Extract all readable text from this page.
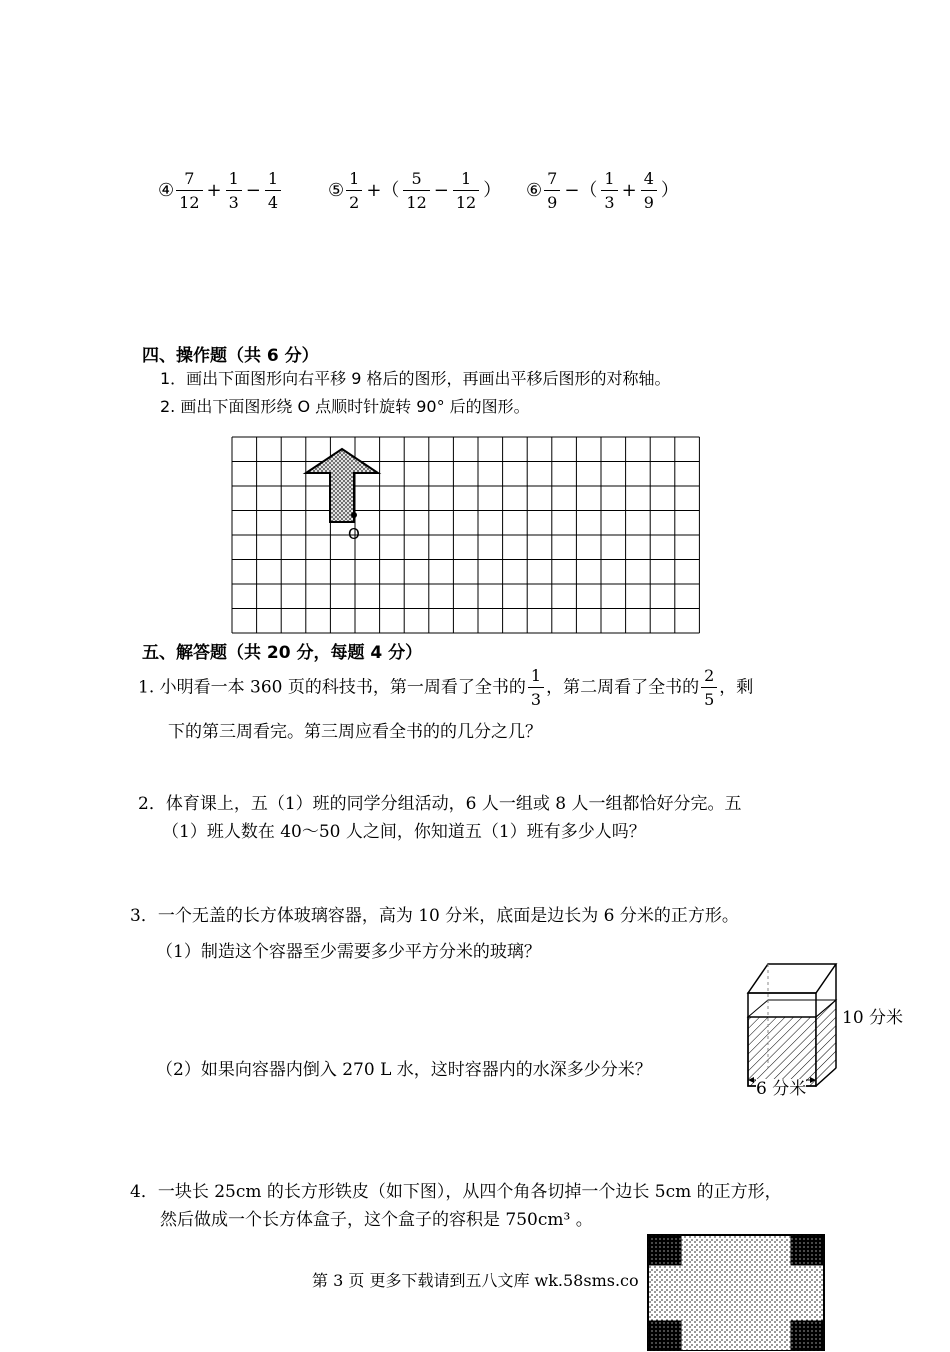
④ $\frac{7}{12} + \frac{1}{3} - \frac{1}{4}$	⑤ $\frac{1}{2}$ +（ $\frac{5}{12} - \frac{1}{12}$ ） ⑥ $\frac{7}{9}$ −（ $\frac{1}{3} + \frac{4}{9}$ ）
四、操作题（共 6 分）
1．画出下面图形向右平移 9 格后的图形，再画出平移后图形的对称轴。
2. 画出下面图形绕 O 点顺时针旋转 90° 后的图形。
O
五、解答题（共 20 分，每题 4 分）
1. 小明看一本 360 页的科技书，第一周看了全书的 $\frac{1}{3}$ ，第二周看了全书的 $\frac{2}{5}$ ，剩
下的第三周看完。第三周应看全书的的几分之几？
2．体育课上，五（1）班的同学分组活动，6 人一组或 8 人一组都恰好分完。五
（1）班人数在 40～50 人之间，你知道五（1）班有多少人吗？
3．一个无盖的长方体玻璃容器，高为 10 分米，底面是边长为 6 分米的正方形。
（1）制造这个容器至少需要多少平方分米的玻璃？
（2）如果向容器内倒入 270 L 水，这时容器内的水深多少分米？
10 分米
6 分米
4．一块长 25cm 的长方形铁皮（如下图），从四个角各切掉一个边长 5cm 的正方形，
然后做成一个长方体盒子，这个盒子的容积是 750cm³ 。
第 3 页 更多下载请到五八文库 wk.58sms.co
